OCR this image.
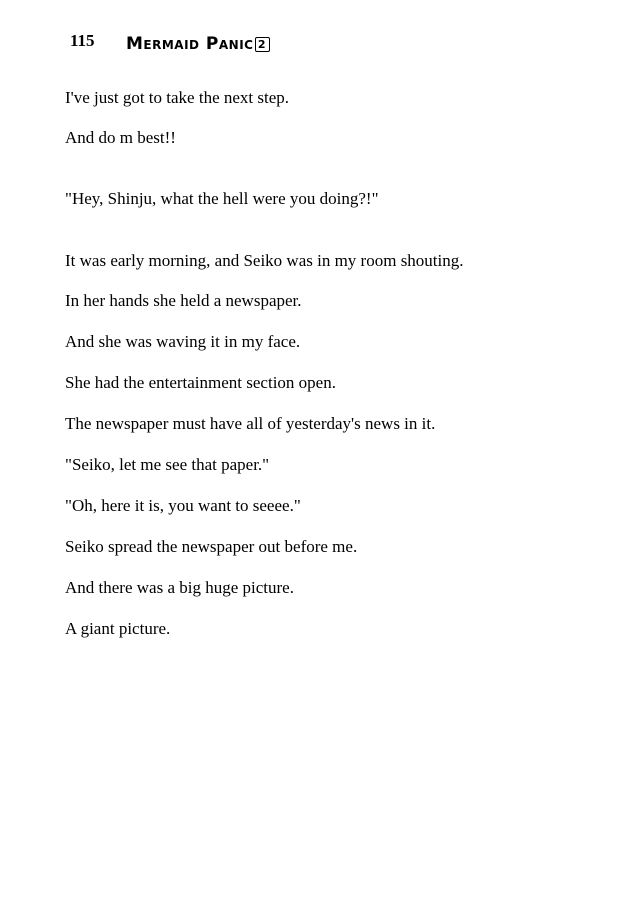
115 Mermaid Panic 2
I've just got to take the next step.
And do m best!!
"Hey, Shinju, what the hell were you doing?!"
It was early morning, and Seiko was in my room shouting.
In her hands she held a newspaper.
And she was waving it in my face.
She had the entertainment section open.
The newspaper must have all of yesterday's news in it.
"Seiko, let me see that paper."
"Oh, here it is, you want to seeee."
Seiko spread the newspaper out before me.
And there was a big huge picture.
A giant picture.
